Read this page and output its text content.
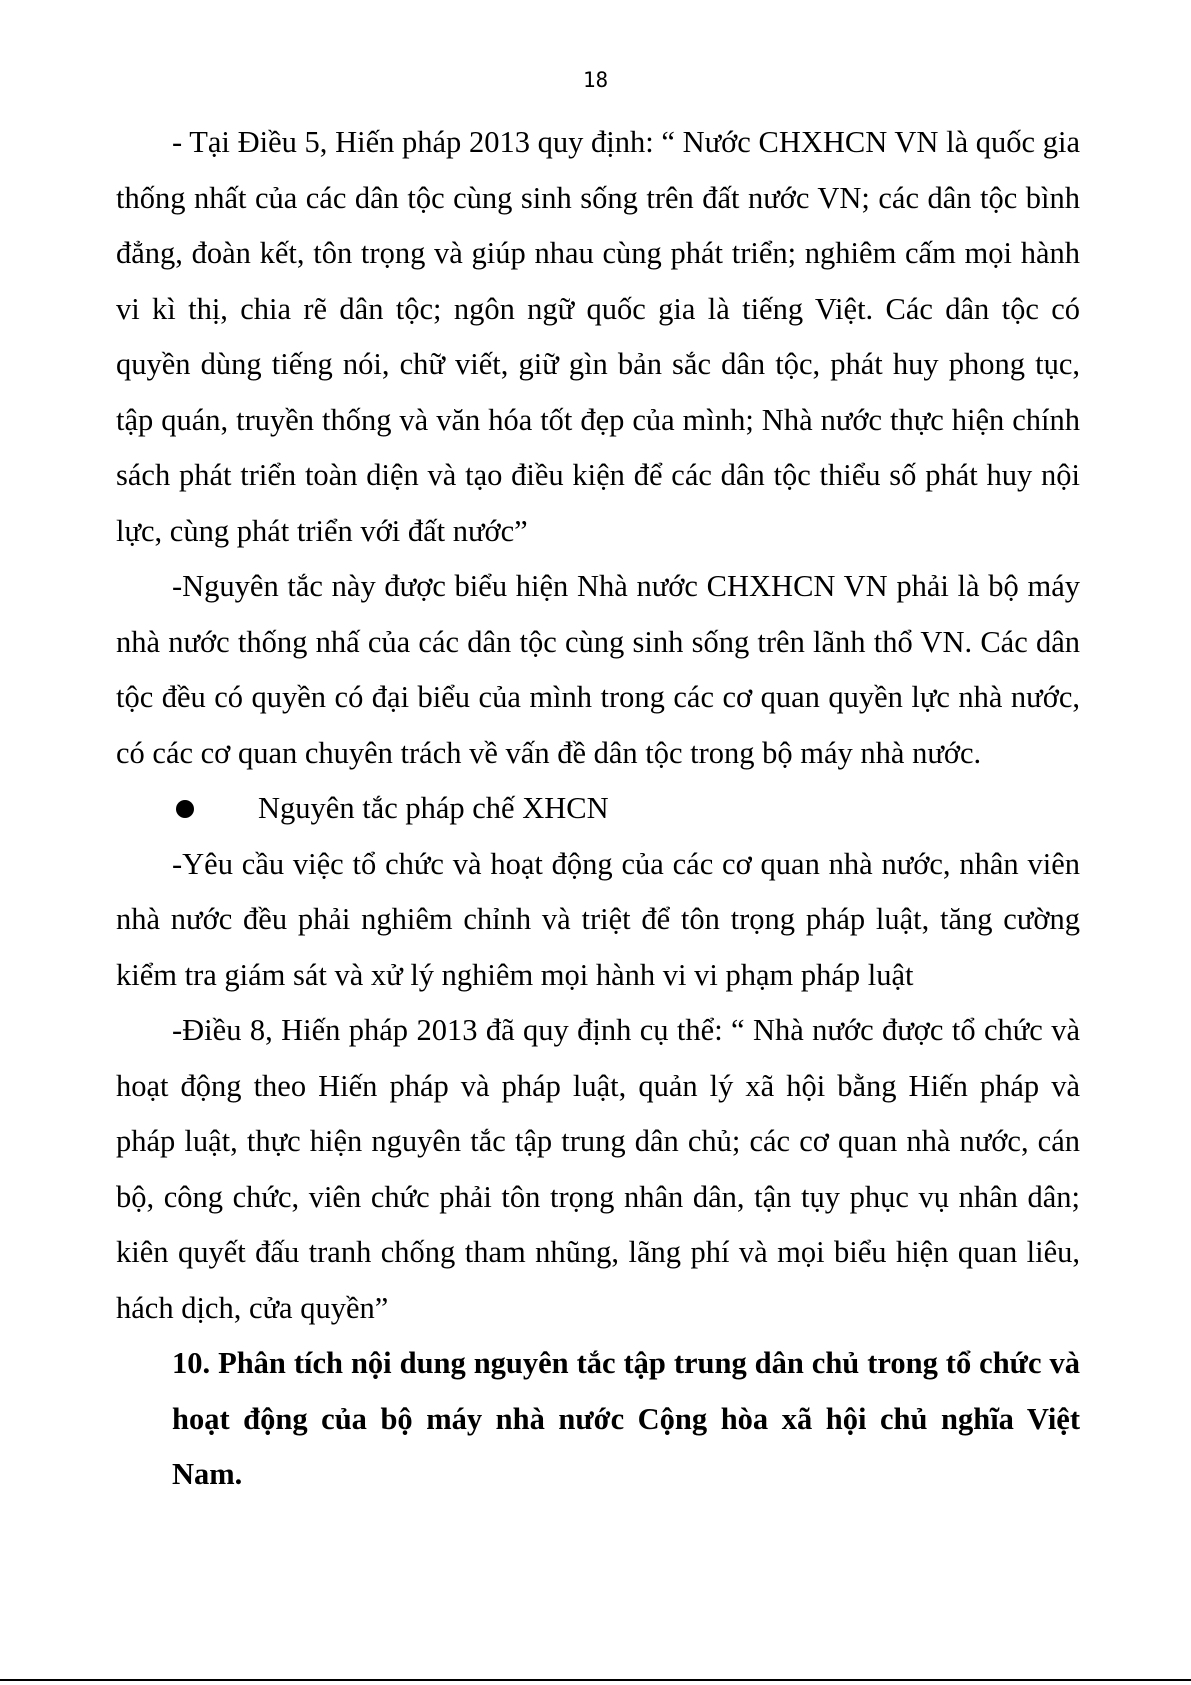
18

- Tại Điều 5, Hiến pháp 2013 quy định: “ Nước CHXHCN VN là quốc gia thống nhất của các dân tộc cùng sinh sống trên đất nước VN; các dân tộc bình đẳng, đoàn kết, tôn trọng và giúp nhau cùng phát triển; nghiêm cấm mọi hành vi kì thị, chia rẽ dân tộc; ngôn ngữ quốc gia là tiếng Việt. Các dân tộc có quyền dùng tiếng nói, chữ viết, giữ gìn bản sắc dân tộc, phát huy phong tục, tập quán, truyền thống và văn hóa tốt đẹp của mình; Nhà nước thực hiện chính sách phát triển toàn diện và tạo điều kiện để các dân tộc thiểu số phát huy nội lực, cùng phát triển với đất nước”

-Nguyên tắc này được biểu hiện Nhà nước CHXHCN VN phải là bộ máy nhà nước thống nhấ của các dân tộc cùng sinh sống trên lãnh thổ VN. Các dân tộc đều có quyền có đại biểu của mình trong các cơ quan quyền lực nhà nước, có các cơ quan chuyên trách về vấn đề dân tộc trong bộ máy nhà nước.

Nguyên tắc pháp chế XHCN

-Yêu cầu việc tổ chức và hoạt động của các cơ quan nhà nước, nhân viên nhà nước đều phải nghiêm chỉnh và triệt để tôn trọng pháp luật, tăng cường kiểm tra giám sát và xử lý nghiêm mọi hành vi vi phạm pháp luật

-Điều 8, Hiến pháp 2013 đã quy định cụ thể: “ Nhà nước được tổ chức và hoạt động theo Hiến pháp và pháp luật, quản lý xã hội bằng Hiến pháp và pháp luật, thực hiện nguyên tắc tập trung dân chủ; các cơ quan nhà nước, cán bộ, công chức, viên chức phải tôn trọng nhân dân, tận tụy phục vụ nhân dân; kiên quyết đấu tranh chống tham nhũng, lãng phí và mọi biểu hiện quan liêu, hách dịch, cửa quyền”

10. Phân tích nội dung nguyên tắc tập trung dân chủ trong tổ chức và hoạt động của bộ máy nhà nước Cộng hòa xã hội chủ nghĩa Việt Nam.
